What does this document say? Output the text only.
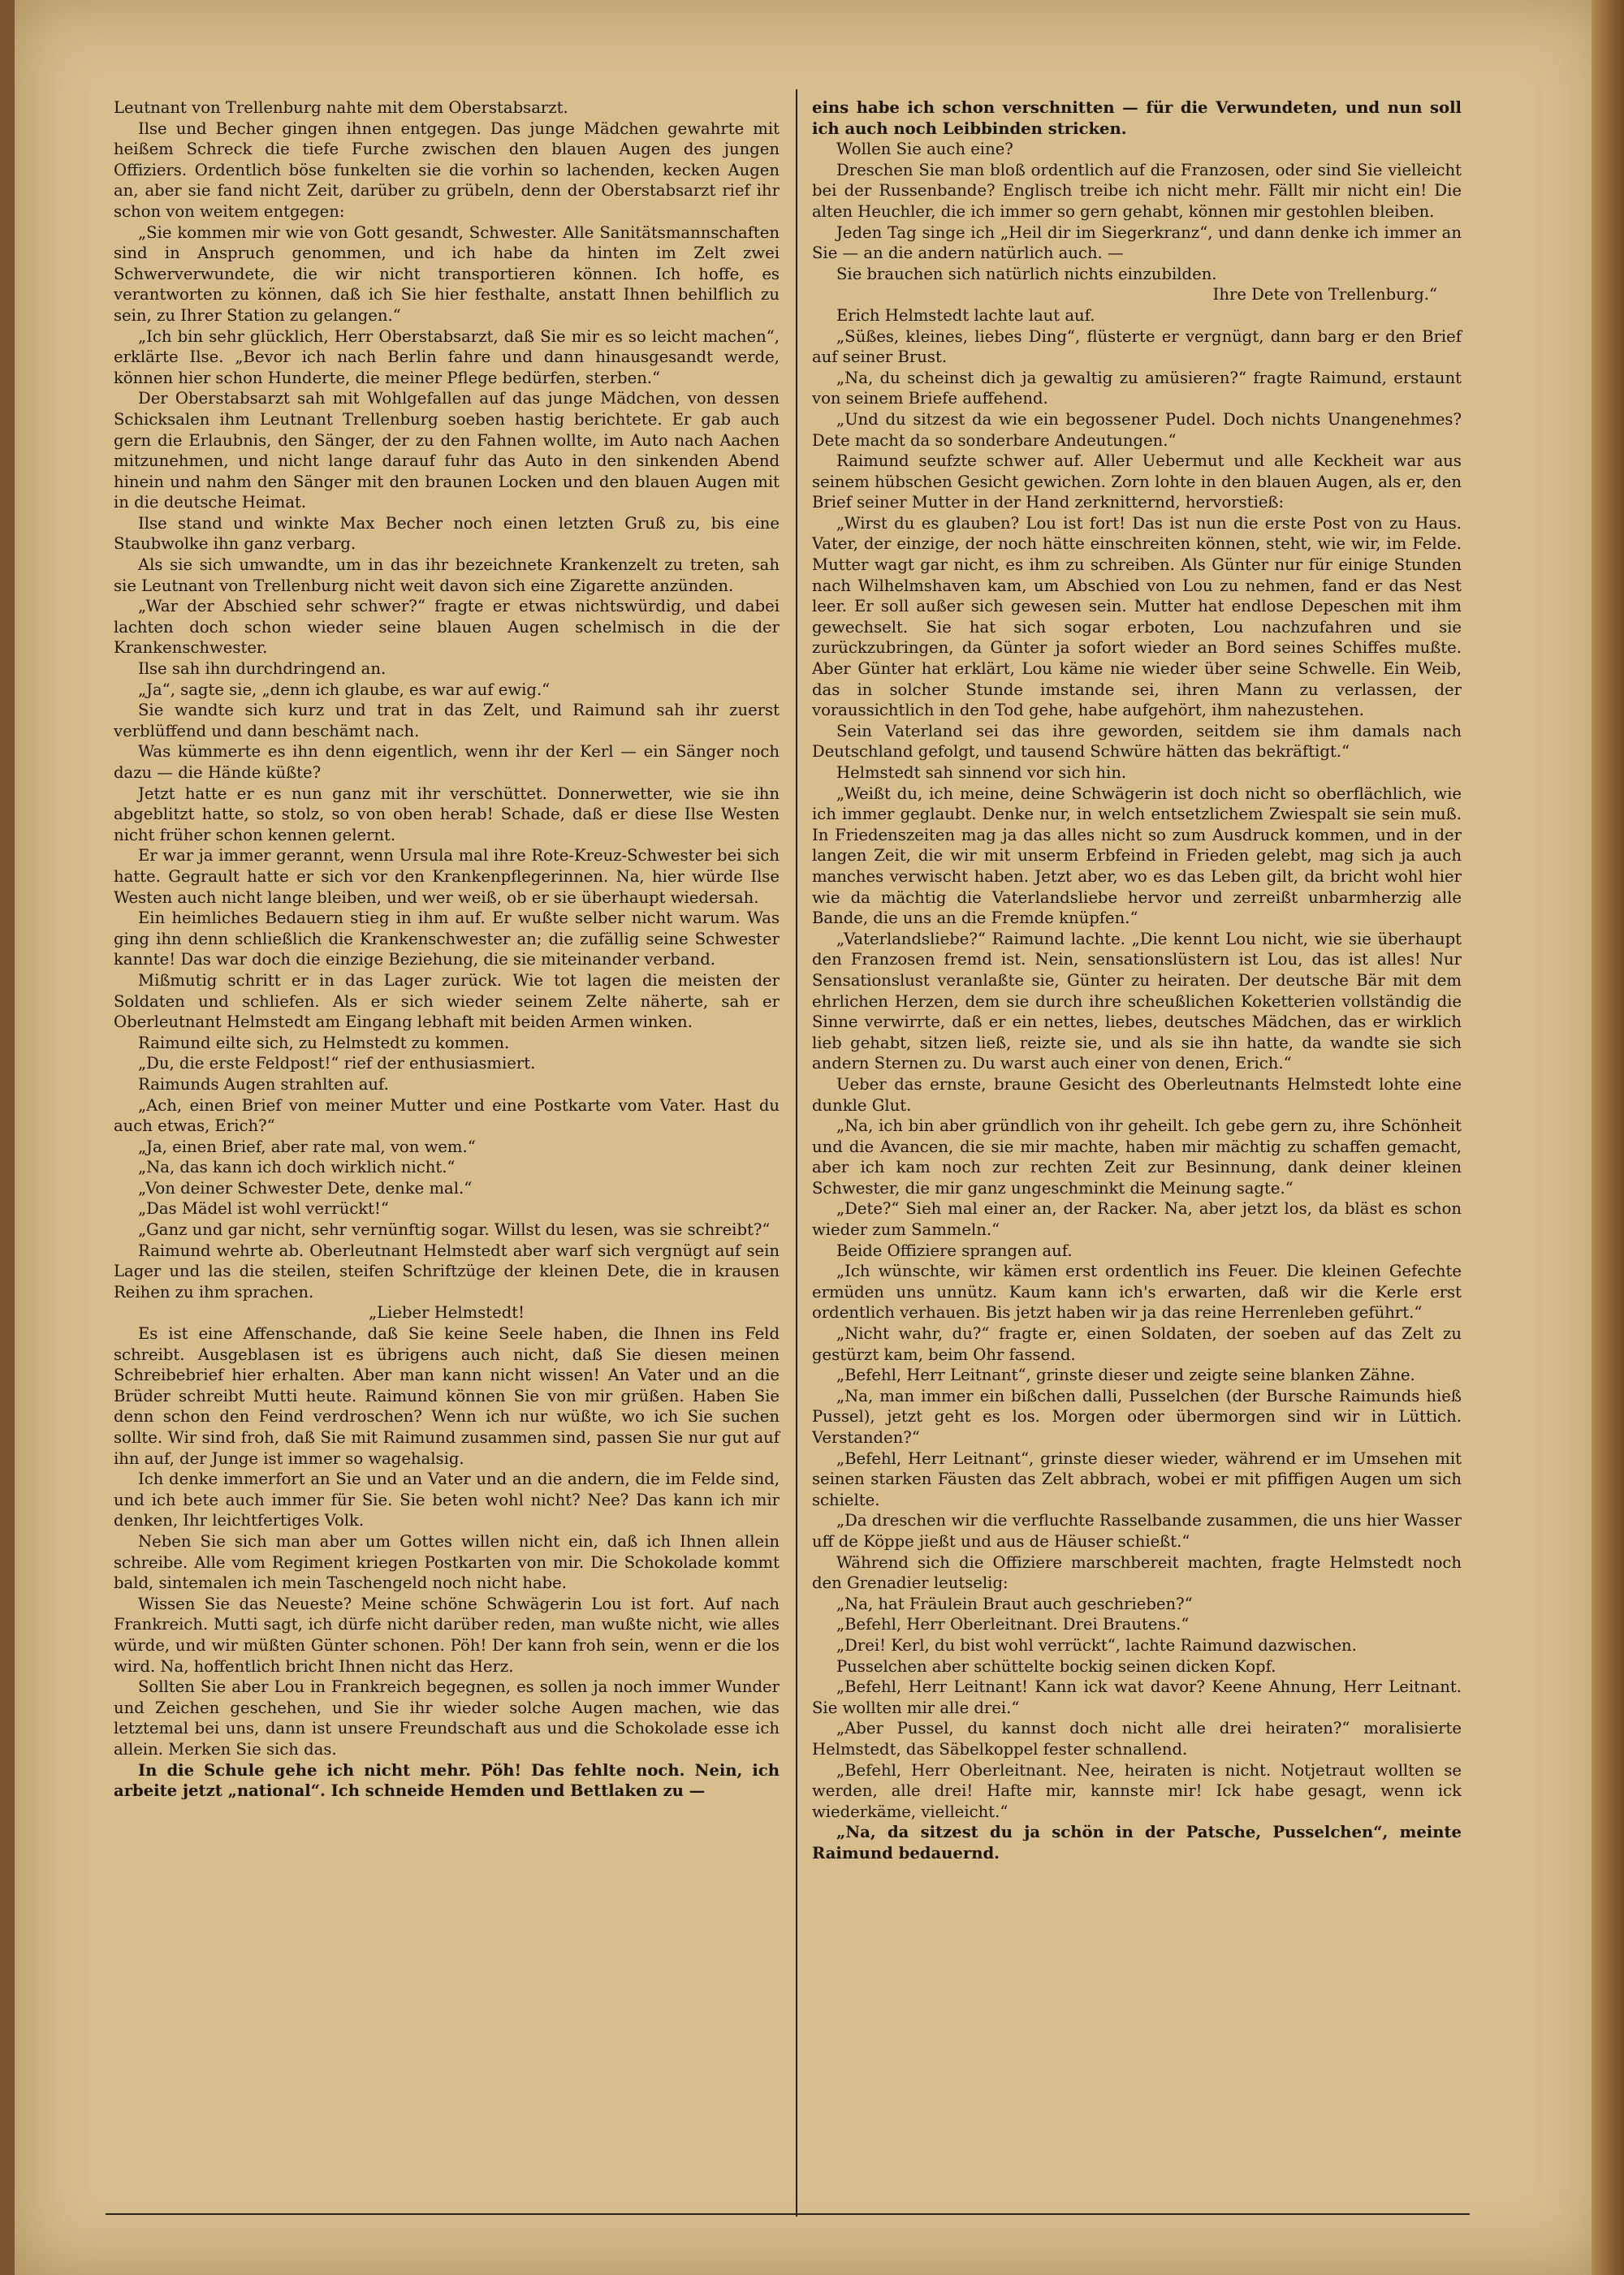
Leutnant von Trellenburg nahte mit dem Oberstabsarzt.

Ilse und Becher gingen ihnen entgegen. Das junge Mädchen gewahrte mit heißem Schreck die tiefe Furche zwischen den blauen Augen des jungen Offiziers. Ordentlich böse funkelten sie die vorhin so lachenden, kecken Augen an, aber sie fand nicht Zeit, darüber zu grübeln, denn der Oberstabsarzt rief ihr schon von weitem entgegen:

„Sie kommen mir wie von Gott gesandt, Schwester. Alle Sanitätsmannschaften sind in Anspruch genommen, und ich habe da hinten im Zelt zwei Schwerverwundete, die wir nicht transportieren können. Ich hoffe, es verantworten zu können, daß ich Sie hier festhalte, anstatt Ihnen behilflich zu sein, zu Ihrer Station zu gelangen.“

„Ich bin sehr glücklich, Herr Oberstabsarzt, daß Sie mir es so leicht machen“, erklärte Ilse. „Bevor ich nach Berlin fahre und dann hinausgesandt werde, können hier schon Hunderte, die meiner Pflege bedürfen, sterben.“

Der Oberstabsarzt sah mit Wohlgefallen auf das junge Mädchen, von dessen Schicksalen ihm Leutnant Trellenburg soeben hastig berichtete. Er gab auch gern die Erlaubnis, den Sänger, der zu den Fahnen wollte, im Auto nach Aachen mitzunehmen, und nicht lange darauf fuhr das Auto in den sinkenden Abend hinein und nahm den Sänger mit den braunen Locken und den blauen Augen mit in die deutsche Heimat.

Ilse stand und winkte Max Becher noch einen letzten Gruß zu, bis eine Staubwolke ihn ganz verbarg.

Als sie sich umwandte, um in das ihr bezeichnete Krankenzelt zu treten, sah sie Leutnant von Trellenburg nicht weit davon sich eine Zigarette anzünden.

„War der Abschied sehr schwer?“ fragte er etwas nichtswürdig, und dabei lachten doch schon wieder seine blauen Augen schelmisch in die der Krankenschwester.

Ilse sah ihn durchdringend an.

„Ja“, sagte sie, „denn ich glaube, es war auf ewig.“

Sie wandte sich kurz und trat in das Zelt, und Raimund sah ihr zuerst verblüffend und dann beschämt nach.

Was kümmerte es ihn denn eigentlich, wenn ihr der Kerl — ein Sänger noch dazu — die Hände küßte?

Jetzt hatte er es nun ganz mit ihr verschüttet. Donnerwetter, wie sie ihn abgeblitzt hatte, so stolz, so von oben herab! Schade, daß er diese Ilse Westen nicht früher schon kennen gelernt.

Er war ja immer gerannt, wenn Ursula mal ihre Rote-Kreuz-Schwester bei sich hatte. Gegrault hatte er sich vor den Krankenpflegerinnen. Na, hier würde Ilse Westen auch nicht lange bleiben, und wer weiß, ob er sie überhaupt wiedersah.

Ein heimliches Bedauern stieg in ihm auf. Er wußte selber nicht warum. Was ging ihn denn schließlich die Krankenschwester an; die zufällig seine Schwester kannte! Das war doch die einzige Beziehung, die sie miteinander verband.

Mißmutig schritt er in das Lager zurück. Wie tot lagen die meisten der Soldaten und schliefen. Als er sich wieder seinem Zelte näherte, sah er Oberleutnant Helmstedt am Eingang lebhaft mit beiden Armen winken.

Raimund eilte sich, zu Helmstedt zu kommen.

„Du, die erste Feldpost!“ rief der enthusiasmiert.

Raimunds Augen strahlten auf.

„Ach, einen Brief von meiner Mutter und eine Postkarte vom Vater. Hast du auch etwas, Erich?“

„Ja, einen Brief, aber rate mal, von wem.“

„Na, das kann ich doch wirklich nicht.“

„Von deiner Schwester Dete, denke mal.“

„Das Mädel ist wohl verrückt!“

„Ganz und gar nicht, sehr vernünftig sogar. Willst du lesen, was sie schreibt?“

Raimund wehrte ab. Oberleutnant Helmstedt aber warf sich vergnügt auf sein Lager und las die steilen, steifen Schriftzüge der kleinen Dete, die in krausen Reihen zu ihm sprachen.

„Lieber Helmstedt!

Es ist eine Affenschande, daß Sie keine Seele haben, die Ihnen ins Feld schreibt. Ausgeblasen ist es übrigens auch nicht, daß Sie diesen meinen Schreibebrief hier erhalten. Aber man kann nicht wissen! An Vater und an die Brüder schreibt Mutti heute. Raimund können Sie von mir grüßen. Haben Sie denn schon den Feind verdroschen? Wenn ich nur wüßte, wo ich Sie suchen sollte. Wir sind froh, daß Sie mit Raimund zusammen sind, passen Sie nur gut auf ihn auf, der Junge ist immer so wagehalsig.

Ich denke immerfort an Sie und an Vater und an die andern, die im Felde sind, und ich bete auch immer für Sie. Sie beten wohl nicht? Nee? Das kann ich mir denken, Ihr leichtfertiges Volk.

Neben Sie sich man aber um Gottes willen nicht ein, daß ich Ihnen allein schreibe. Alle vom Regiment kriegen Postkarten von mir. Die Schokolade kommt bald, sintemalen ich mein Taschengeld noch nicht habe.

Wissen Sie das Neueste? Meine schöne Schwägerin Lou ist fort. Auf nach Frankreich. Mutti sagt, ich dürfe nicht darüber reden, man wußte nicht, wie alles würde, und wir müßten Günter schonen. Pöh! Der kann froh sein, wenn er die los wird. Na, hoffentlich bricht Ihnen nicht das Herz.

Sollten Sie aber Lou in Frankreich begegnen, es sollen ja noch immer Wunder und Zeichen geschehen, und Sie ihr wieder solche Augen machen, wie das letztemal bei uns, dann ist unsere Freundschaft aus und die Schokolade esse ich allein. Merken Sie sich das.

In die Schule gehe ich nicht mehr. Pöh! Das fehlte noch. Nein, ich arbeite jetzt „national“. Ich schneide Hemden und Bettlaken zu —

eins habe ich schon verschnitten — für die Verwundeten, und nun soll ich auch noch Leibbinden stricken.

Wollen Sie auch eine?

Dreschen Sie man bloß ordentlich auf die Franzosen, oder sind Sie vielleicht bei der Russenbande? Englisch treibe ich nicht mehr. Fällt mir nicht ein! Die alten Heuchler, die ich immer so gern gehabt, können mir gestohlen bleiben.

Jeden Tag singe ich „Heil dir im Siegerkranz“, und dann denke ich immer an Sie — an die andern natürlich auch. —

Sie brauchen sich natürlich nichts einzubilden.

Ihre Dete von Trellenburg.“

Erich Helmstedt lachte laut auf.

„Süßes, kleines, liebes Ding“, flüsterte er vergnügt, dann barg er den Brief auf seiner Brust.

„Na, du scheinst dich ja gewaltig zu amüsieren?“ fragte Raimund, erstaunt von seinem Briefe auffehend.

„Und du sitzest da wie ein begossener Pudel. Doch nichts Unangenehmes? Dete macht da so sonderbare Andeutungen.“

Raimund seufzte schwer auf. Aller Uebermut und alle Keckheit war aus seinem hübschen Gesicht gewichen. Zorn lohte in den blauen Augen, als er, den Brief seiner Mutter in der Hand zerknitternd, hervorstieß:

„Wirst du es glauben? Lou ist fort! Das ist nun die erste Post von zu Haus. Vater, der einzige, der noch hätte einschreiten können, steht, wie wir, im Felde. Mutter wagt gar nicht, es ihm zu schreiben. Als Günter nur für einige Stunden nach Wilhelmshaven kam, um Abschied von Lou zu nehmen, fand er das Nest leer. Er soll außer sich gewesen sein. Mutter hat endlose Depeschen mit ihm gewechselt. Sie hat sich sogar erboten, Lou nachzufahren und sie zurückzubringen, da Günter ja sofort wieder an Bord seines Schiffes mußte. Aber Günter hat erklärt, Lou käme nie wieder über seine Schwelle. Ein Weib, das in solcher Stunde imstande sei, ihren Mann zu verlassen, der voraussichtlich in den Tod gehe, habe aufgehört, ihm nahezustehen.

Sein Vaterland sei das ihre geworden, seitdem sie ihm damals nach Deutschland gefolgt, und tausend Schwüre hätten das bekräftigt.“

Helmstedt sah sinnend vor sich hin.

„Weißt du, ich meine, deine Schwägerin ist doch nicht so oberflächlich, wie ich immer geglaubt. Denke nur, in welch entsetzlichem Zwiespalt sie sein muß. In Friedenszeiten mag ja das alles nicht so zum Ausdruck kommen, und in der langen Zeit, die wir mit unserm Erbfeind in Frieden gelebt, mag sich ja auch manches verwischt haben. Jetzt aber, wo es das Leben gilt, da bricht wohl hier wie da mächtig die Vaterlandsliebe hervor und zerreißt unbarmherzig alle Bande, die uns an die Fremde knüpfen.“

„Vaterlandsliebe?“ Raimund lachte. „Die kennt Lou nicht, wie sie überhaupt den Franzosen fremd ist. Nein, sensationslüstern ist Lou, das ist alles! Nur Sensationslust veranlaßte sie, Günter zu heiraten. Der deutsche Bär mit dem ehrlichen Herzen, dem sie durch ihre scheußlichen Koketterien vollständig die Sinne verwirrte, daß er ein nettes, liebes, deutsches Mädchen, das er wirklich lieb gehabt, sitzen ließ, reizte sie, und als sie ihn hatte, da wandte sie sich andern Sternen zu. Du warst auch einer von denen, Erich.“

Ueber das ernste, braune Gesicht des Oberleutnants Helmstedt lohte eine dunkle Glut.

„Na, ich bin aber gründlich von ihr geheilt. Ich gebe gern zu, ihre Schönheit und die Avancen, die sie mir machte, haben mir mächtig zu schaffen gemacht, aber ich kam noch zur rechten Zeit zur Besinnung, dank deiner kleinen Schwester, die mir ganz ungeschminkt die Meinung sagte.“

„Dete?“ Sieh mal einer an, der Racker. Na, aber jetzt los, da bläst es schon wieder zum Sammeln.“

Beide Offiziere sprangen auf.

„Ich wünschte, wir kämen erst ordentlich ins Feuer. Die kleinen Gefechte ermüden uns unnütz. Kaum kann ich's erwarten, daß wir die Kerle erst ordentlich verhauen. Bis jetzt haben wir ja das reine Herrenleben geführt.“

„Nicht wahr, du?“ fragte er, einen Soldaten, der soeben auf das Zelt zu gestürzt kam, beim Ohr fassend.

„Befehl, Herr Leitnant“, grinste dieser und zeigte seine blanken Zähne.

„Na, man immer ein bißchen dalli, Pusselchen (der Bursche Raimunds hieß Pussel), jetzt geht es los. Morgen oder übermorgen sind wir in Lüttich. Verstanden?“

„Befehl, Herr Leitnant“, grinste dieser wieder, während er im Umsehen mit seinen starken Fäusten das Zelt abbrach, wobei er mit pfiffigen Augen um sich schielte.

„Da dreschen wir die verfluchte Rasselbande zusammen, die uns hier Wasser uff de Köppe jießt und aus de Häuser schießt.“

Während sich die Offiziere marschbereit machten, fragte Helmstedt noch den Grenadier leutselig:

„Na, hat Fräulein Braut auch geschrieben?“

„Befehl, Herr Oberleitnant. Drei Brautens.“

„Drei! Kerl, du bist wohl verrückt“, lachte Raimund dazwischen.

Pusselchen aber schüttelte bockig seinen dicken Kopf.

„Befehl, Herr Leitnant! Kann ick wat davor? Keene Ahnung, Herr Leitnant. Sie wollten mir alle drei.“

„Aber Pussel, du kannst doch nicht alle drei heiraten?“ moralisierte Helmstedt, das Säbelkoppel fester schnallend.

„Befehl, Herr Oberleitnant. Nee, heiraten is nicht. Notjetraut wollten se werden, alle drei! Hafte mir, kannste mir! Ick habe gesagt, wenn ick wiederkäme, vielleicht.“

„Na, da sitzest du ja schön in der Patsche, Pusselchen“, meinte Raimund bedauernd.
